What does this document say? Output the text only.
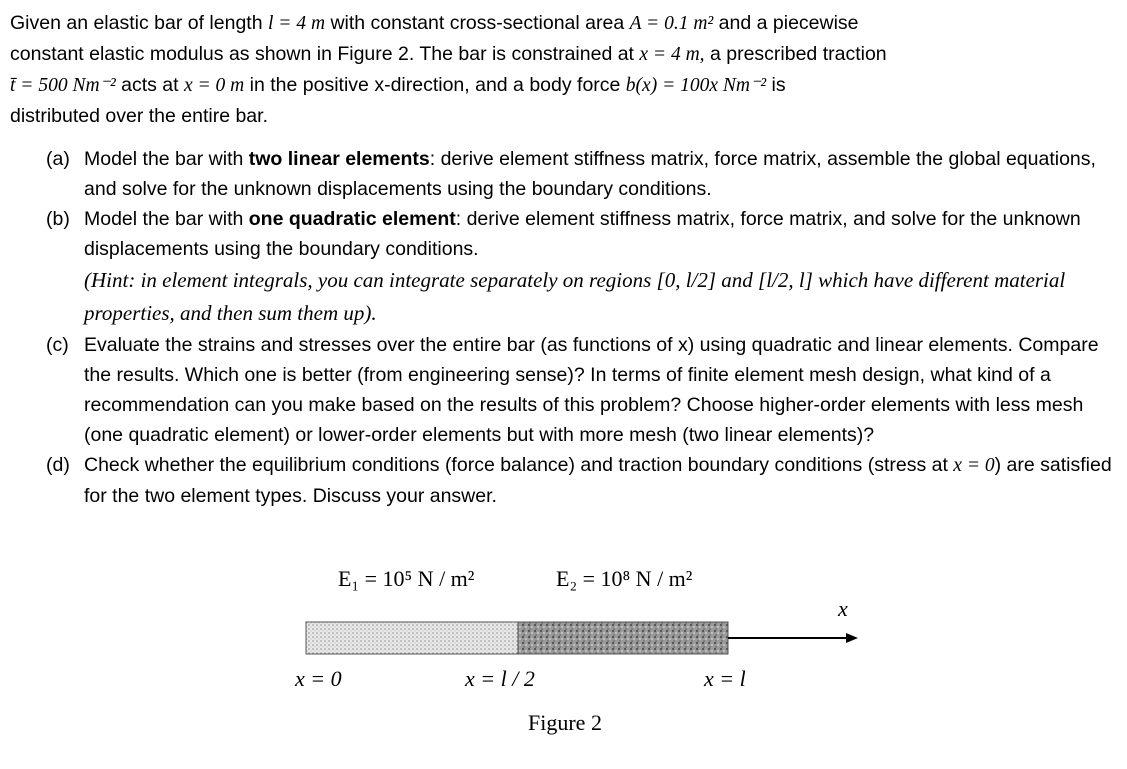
Given an elastic bar of length l = 4 m with constant cross-sectional area A = 0.1 m² and a piecewise
constant elastic modulus as shown in Figure 2. The bar is constrained at x = 4 m, a prescribed traction
t̄ = 500 Nm⁻² acts at x = 0 m in the positive x-direction, and a body force b(x) = 100x Nm⁻² is
distributed over the entire bar.
(a) Model the bar with two linear elements: derive element stiffness matrix, force matrix, assemble the global equations, and solve for the unknown displacements using the boundary conditions.
(b) Model the bar with one quadratic element: derive element stiffness matrix, force matrix, and solve for the unknown displacements using the boundary conditions.
(Hint: in element integrals, you can integrate separately on regions [0, l/2] and [l/2, l] which have different material properties, and then sum them up).
(c) Evaluate the strains and stresses over the entire bar (as functions of x) using quadratic and linear elements. Compare the results. Which one is better (from engineering sense)? In terms of finite element mesh design, what kind of a recommendation can you make based on the results of this problem? Choose higher-order elements with less mesh (one quadratic element) or lower-order elements but with more mesh (two linear elements)?
(d) Check whether the equilibrium conditions (force balance) and traction boundary conditions (stress at x = 0) are satisfied for the two element types. Discuss your answer.
E₁ = 10⁵ N / m²	E₂ = 10⁸ N / m²
x
x = 0	x = l / 2	x = l
Figure 2
